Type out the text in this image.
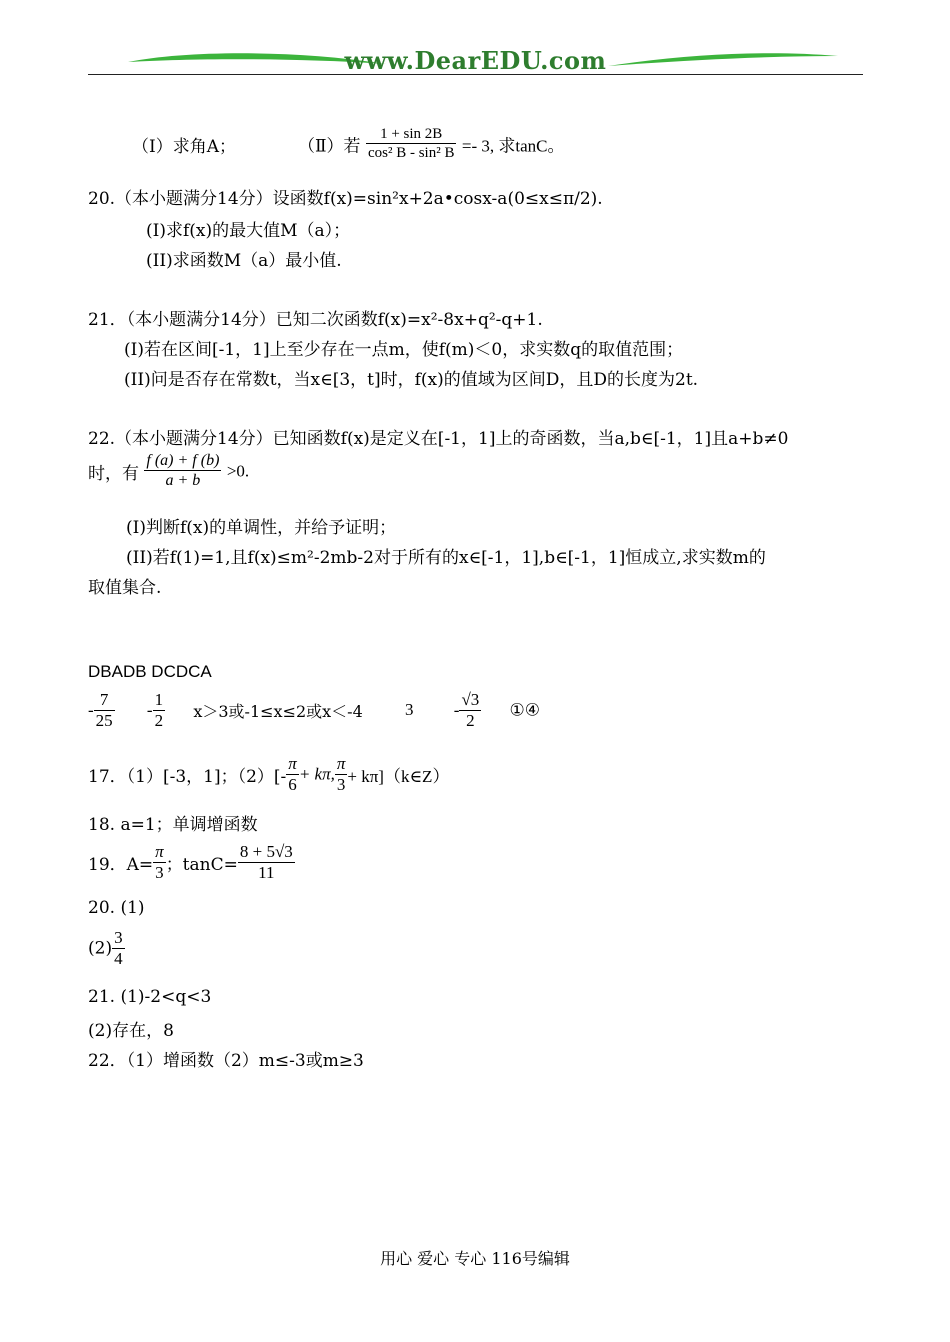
www.DearEDU.com
（Ⅰ）求角A；	（Ⅱ）若 $\frac{1 + \sin 2B}{\text{cos² B - sin² B}} =- 3$, 求tanC。
20.（本小题满分14分）设函数f(x)=sin²x+2a•cosx-a(0≤x≤π/2).
(I)求f(x)的最大值M（a）；
(II)求函数M（a）最小值.
21．（本小题满分14分）已知二次函数f(x)=x²-8x+q²-q+1.
(I)若在区间[-1，1]上至少存在一点m，使f(m)＜0，求实数q的取值范围；
(II)问是否存在常数t，当x∈[3，t]时，f(x)的值域为区间D，且D的长度为2t.
22.（本小题满分14分）已知函数f(x)是定义在[-1，1]上的奇函数，当a,b∈[-1，1]且a+b≠0
时，有 $\frac{f (a) + f (b)}{a + b} >0$.
(I)判断f(x)的单调性，并给予证明；
(II)若f(1)=1,且f(x)≤m²-2mb-2对于所有的x∈[-1，1],b∈[-1，1]恒成立,求实数m的
取值集合.
DBADB DCDCA
- $\frac{7}{25} - \frac{1}{2} x>3$或-1≤x≤2或x＜-4 $3 - \frac{√3}{2}$ ①④
17．（1）[-3，1]；$(2)[- \frac{\pi}{6} + k\pi$, $\frac{\pi}{3}$ + kπ]（k∈Z）
18. a=1；单调增函数
19．$A= \frac{\pi}{3}$ ；$\tan C= \frac{8 + 5√3}{11}$
20. (1)
$(2) \frac{3}{4}$
21. (1)-2<q<3
(2)存在，8
22．（1）增函数（2）m≤-3或m≥3
用心 爱心 专心 116号编辑
